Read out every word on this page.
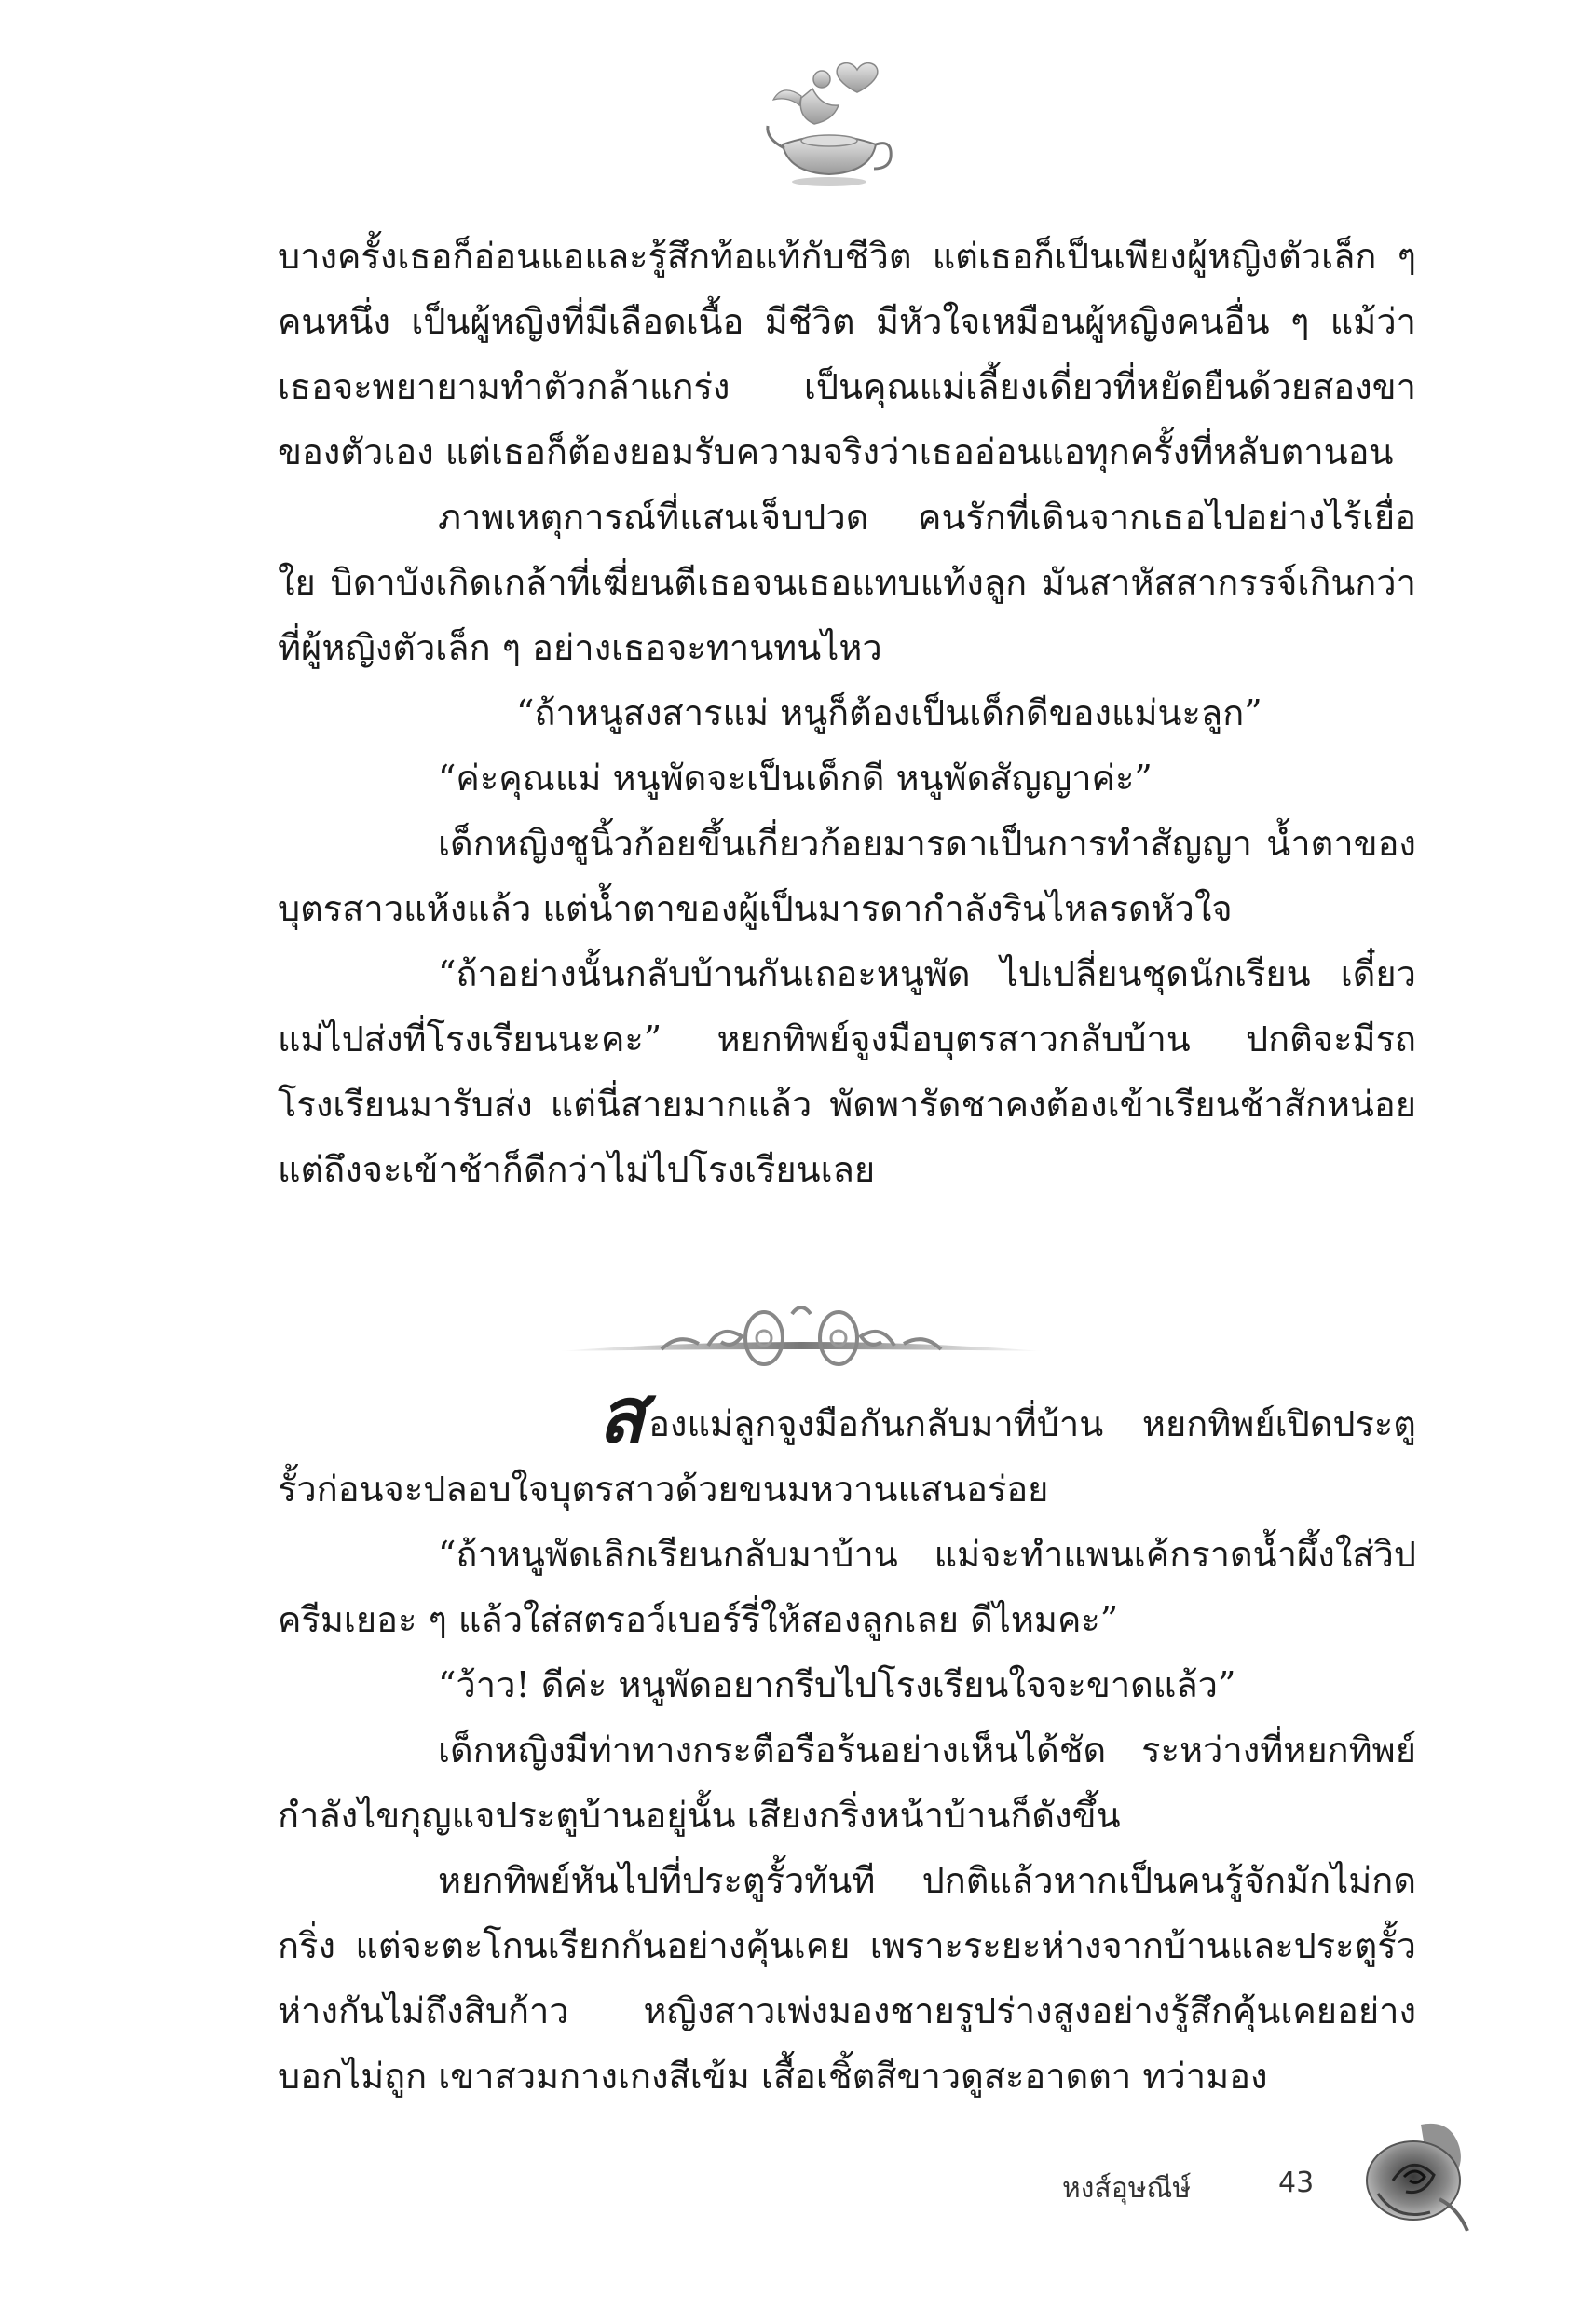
บางครั้งเธอก็อ่อนแอและรู้สึกท้อแท้กับชีวิต แต่เธอก็เป็นเพียงผู้หญิงตัวเล็ก ๆ คนหนึ่ง เป็นผู้หญิงที่มีเลือดเนื้อ มีชีวิต มีหัวใจเหมือนผู้หญิงคนอื่น ๆ แม้ว่าเธอจะพยายามทำตัวกล้าแกร่ง เป็นคุณแม่เลี้ยงเดี่ยวที่หยัดยืนด้วยสองขาของตัวเอง แต่เธอก็ต้องยอมรับความจริงว่าเธออ่อนแอทุกครั้งที่หลับตานอน

ภาพเหตุการณ์ที่แสนเจ็บปวด คนรักที่เดินจากเธอไปอย่างไร้เยื่อใย บิดาบังเกิดเกล้าที่เฆี่ยนตีเธอจนเธอแทบแท้งลูก มันสาหัสสากรรจ์เกินกว่าที่ผู้หญิงตัวเล็ก ๆ อย่างเธอจะทานทนไหว

“ถ้าหนูสงสารแม่ หนูก็ต้องเป็นเด็กดีของแม่นะลูก”

“ค่ะคุณแม่ หนูพัดจะเป็นเด็กดี หนูพัดสัญญาค่ะ”

เด็กหญิงชูนิ้วก้อยขึ้นเกี่ยวก้อยมารดาเป็นการทำสัญญา น้ำตาของบุตรสาวแห้งแล้ว แต่น้ำตาของผู้เป็นมารดากำลังรินไหลรดหัวใจ

“ถ้าอย่างนั้นกลับบ้านกันเถอะหนูพัด ไปเปลี่ยนชุดนักเรียน เดี๋ยวแม่ไปส่งที่โรงเรียนนะคะ” หยกทิพย์จูงมือบุตรสาวกลับบ้าน ปกติจะมีรถโรงเรียนมารับส่ง แต่นี่สายมากแล้ว พัดพารัดชาคงต้องเข้าเรียนช้าสักหน่อย แต่ถึงจะเข้าช้าก็ดีกว่าไม่ไปโรงเรียนเลย

สองแม่ลูกจูงมือกันกลับมาที่บ้าน หยกทิพย์เปิดประตูรั้วก่อนจะปลอบใจบุตรสาวด้วยขนมหวานแสนอร่อย

“ถ้าหนูพัดเลิกเรียนกลับมาบ้าน แม่จะทำแพนเค้กราดน้ำผึ้งใส่วิปครีมเยอะ ๆ แล้วใส่สตรอว์เบอร์รี่ให้สองลูกเลย ดีไหมคะ”

“ว้าว! ดีค่ะ หนูพัดอยากรีบไปโรงเรียนใจจะขาดแล้ว”

เด็กหญิงมีท่าทางกระตือรือร้นอย่างเห็นได้ชัด ระหว่างที่หยกทิพย์กำลังไขกุญแจประตูบ้านอยู่นั้น เสียงกริ่งหน้าบ้านก็ดังขึ้น

หยกทิพย์หันไปที่ประตูรั้วทันที ปกติแล้วหากเป็นคนรู้จักมักไม่กดกริ่ง แต่จะตะโกนเรียกกันอย่างคุ้นเคย เพราะระยะห่างจากบ้านและประตูรั้วห่างกันไม่ถึงสิบก้าว หญิงสาวเพ่งมองชายรูปร่างสูงอย่างรู้สึกคุ้นเคยอย่างบอกไม่ถูก เขาสวมกางเกงสีเข้ม เสื้อเชิ้ตสีขาวดูสะอาดตา ทว่ามอง

หงส์อุษณีษ์	43
